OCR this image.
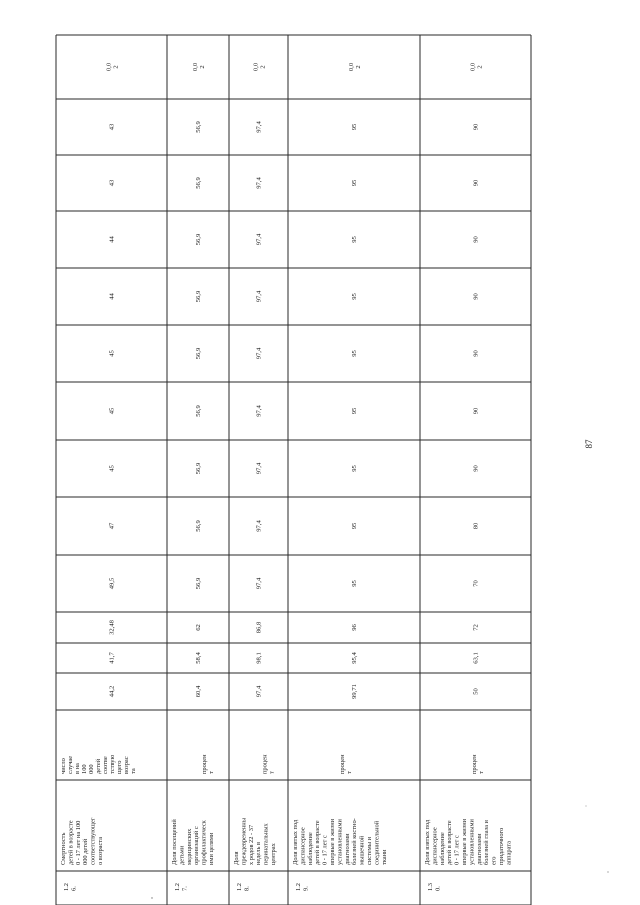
1.2 6.
Смертность детей в возрасте 0 - 17 лет на 100 000 детей соответствующег о возраста
число случае в на 100 000 детей соотве тствую щего возрас та
44,2
41,7
32,48
49,5
47
45
45
45
44
44
43
43
0,0 2
1.2 7.
Доля посещений детьми медицинских организаций с профилактическ ими целями
процен т
60,4
58,4
62
56,9
56,9
56,9
56,9
56,9
56,9
56,9
56,9
56,9
0,0 2
1.2 8.
Доля преждевременны х родов 22 - 37 недель в перинатальных центрах
процен т
97,4
98,1
86,8
97,4
97,4
97,4
97,4
97,4
97,4
97,4
97,4
97,4
0,0 2
1.2 9.
Доля взятых под диспансерное наблюдение детей в возрасте 0 - 17 лет с впервые в жизни установленными диагнозами болезней костно- мышечной системы и соединительной ткани
процен т
99,71
95,4
96
95
95
95
95
95
95
95
95
95
0,0 2
1.3 0.
Доля взятых под диспансерное наблюдение детей в возрасте 0 - 17 лет с впервые в жизни установленными диагнозами болезней глаза и его придаточного аппарата
процен т
50
63,1
72
70
80
90
90
90
90
90
90
90
0,0 2
87
